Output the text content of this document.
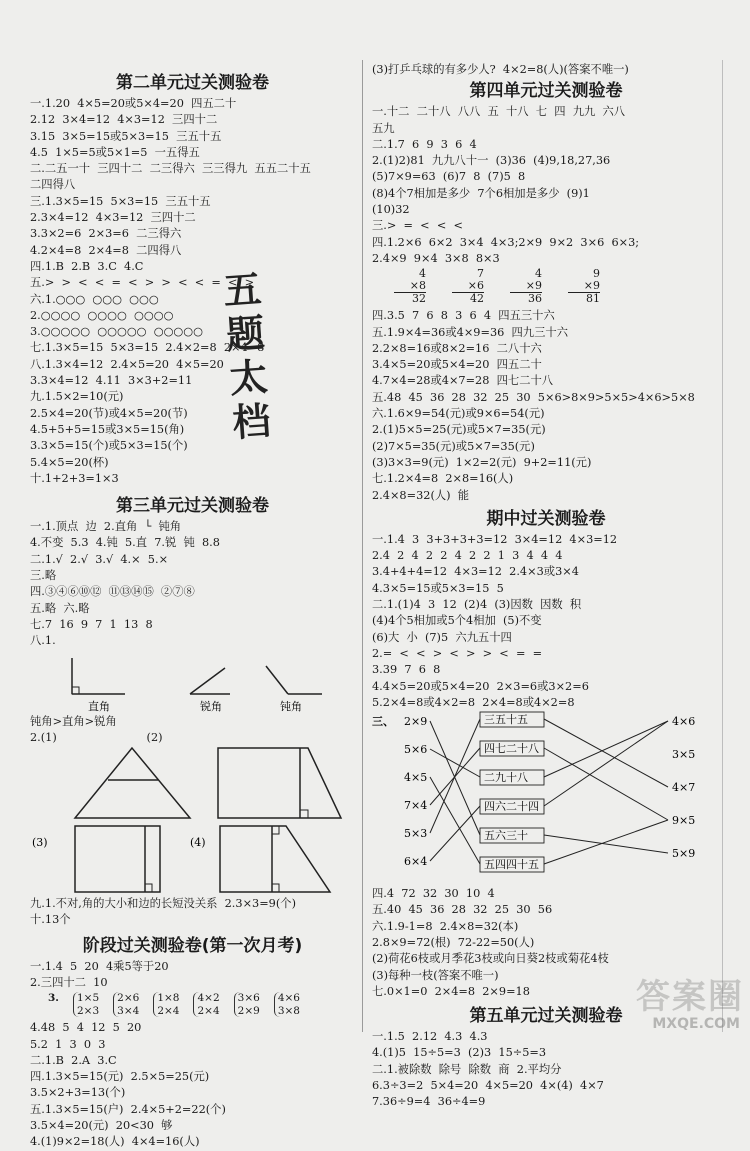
第二单元过关测验卷
一.1.20  4×5=20或5×4=20  四五二十
2.12  3×4=12  4×3=12  三四十二
3.15  3×5=15或5×3=15  三五十五
4.5  1×5=5或5×1=5  一五得五
二.二五一十  三四十二  二三得六  三三得九  五五二十五
二四得八
三.1.3×5=15  5×3=15  三五十五
2.3×4=12  4×3=12  三四十二
3.3×2=6  2×3=6  二三得六
4.2×4=8  2×4=8  二四得八
四.1.B  2.B  3.C  4.C
五.>  >  <  <  =  <  >  >  <  <  =  <  >
六.1.○○○  ○○○  ○○○
2.○○○○  ○○○○  ○○○○
3.○○○○○  ○○○○○  ○○○○○
七.1.3×5=15  5×3=15  2.4×2=8  2×4=8
八.1.3×4=12  2.4×5=20  4×5=20
3.3×4=12  4.11  3×3+2=11
九.1.5×2=10(元)
2.5×4=20(节)或4×5=20(节)
4.5+5+5=15或3×5=15(角)
3.3×5=15(个)或5×3=15(个)
5.4×5=20(杯)
十.1+2+3=1×3
第三单元过关测验卷
一.1.顶点  边  2.直角  └  钝角
4.不变  5.3  4.钝  5.直  7.锐  钝  8.8
二.1.√  2.√  3.√  4.×  5.×
三.略
四.③④⑥⑩⑫  ⑪⑬⑭⑮  ②⑦⑧
五.略  六.略
七.7  16  9  7  1  13  8
八.1.
直角	锐角	钝角
钝角>直角>锐角
2.(1)                         (2)
(3)	(4)
九.1.不对,角的大小和边的长短没关系  2.3×3=9(个)
十.13个
阶段过关测验卷(第一次月考)
一.1.4  5  20  4乘5等于20
2.三四十二  10
3. 1×5
2×3
2×6
3×4
1×8
2×4
4×2
2×4
3×6
2×9
4×6
3×8
4.48  5  4  12  5  20
5.2  1  3  0  3
二.1.B  2.A  3.C
四.1.3×5=15(元)  2.5×5=25(元)
3.5×2+3=13(个)
五.1.3×5=15(户)  2.4×5+2=22(个)
3.5×4=20(元)  20<30  够
4.(1)9×2=18(人)  4×4=16(人)
五
题
太
档
(3)打乒乓球的有多少人?  4×2=8(人)(答案不唯一)
第四单元过关测验卷
一.十二  二十八  八八  五  十八  七  四  九九  六八
五九
二.1.7  6  9  3  6  4
2.(1)2)81  九九八十一  (3)36  (4)9,18,27,36
(5)7×9=63  (6)7  8  (7)5  8
(8)4个7相加是多少  7个6相加是多少  (9)1
(10)32
三.>  =  <  <  <
四.1.2×6  6×2  3×4  4×3;2×9  9×2  3×6  6×3;
2.4×9  9×4  3×8  8×3
4
×8
32
7
×6
42
4
×9
36
9
×9
81
四.3.5  7  6  8  3  6  4  四五三十六
五.1.9×4=36或4×9=36  四九三十六
2.2×8=16或8×2=16  二八十六
3.4×5=20或5×4=20  四五二十
4.7×4=28或4×7=28  四七二十八
五.48  45  36  28  32  25  30  5×6>8×9>5×5>4×6>5×8
六.1.6×9=54(元)或9×6=54(元)
2.(1)5×5=25(元)或5×7=35(元)
(2)7×5=35(元)或5×7=35(元)
(3)3×3=9(元)  1×2=2(元)  9+2=11(元)
七.1.2×4=8  2×8=16(人)
2.4×8=32(人)  能
期中过关测验卷
一.1.4  3  3+3+3+3=12  3×4=12  4×3=12
2.4  2  4  2  2  4  2  2  1  3  4  4  4
3.4+4+4=12  4×3=12  2.4×3或3×4
4.3×5=15或5×3=15  5
二.1.(1)4  3  12  (2)4  (3)因数  因数  积
(4)4个5相加或5个4相加  (5)不变
(6)大  小  (7)5  六九五十四
2.=  <  <  >  <  >  >  <  =  =
3.39  7  6  8
4.4×5=20或5×4=20  2×3=6或3×2=6
5.2×4=8或4×2=8  2×4=8或4×2=8
三、 2×9
5×6
4×5
7×4
5×3
6×4
三五十五
四七二十八
二九十八
四六二十四
五六三十
五四四十五
4×6
3×5
4×7
9×5
5×9
四.4  72  32  30  10  4
五.40  45  36  28  32  25  30  56
六.1.9-1=8  2.4×8=32(本)
2.8×9=72(根)  72-22=50(人)
(2)荷花6枝或月季花3枝或向日葵2枝或菊花4枝
(3)每种一枝(答案不唯一)
七.0×1=0  2×4=8  2×9=18
第五单元过关测验卷
一.1.5  2.12  4.3  4.3
4.(1)5  15÷5=3  (2)3  15÷5=3
二.1.被除数  除号  除数  商  2.平均分
6.3÷3=2  5×4=20  4×5=20  4×(4)  4×7
7.36÷9=4  36÷4=9
答案圈
MXQE.COM
